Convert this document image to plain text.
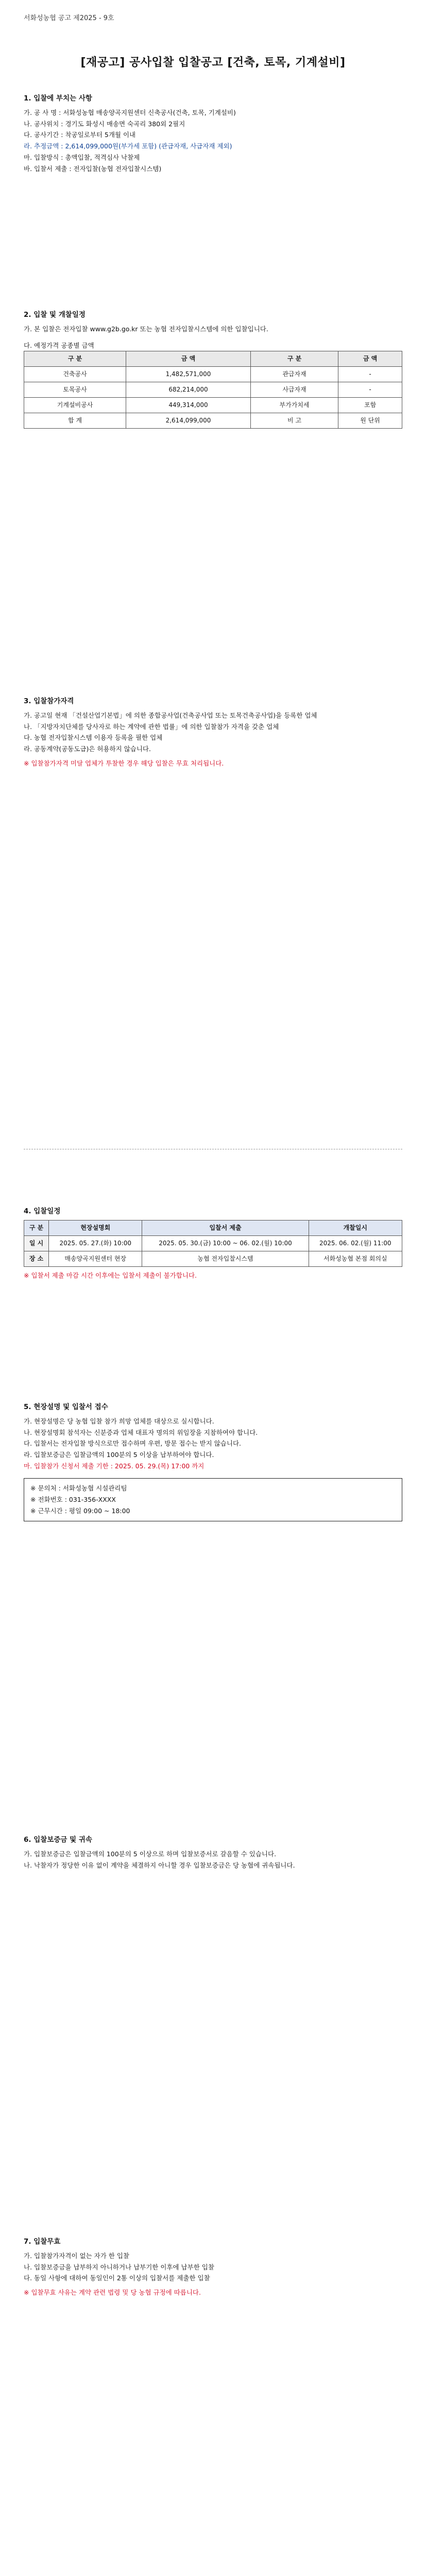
서화성농협 공고 제2025 - 9호
[재공고] 공사입찰 입찰공고 [건축, 토목, 기계설비]
1. 입찰에 부치는 사항

가. 공 사 명 : 서화성농협 매송양곡지원센터 신축공사(건축, 토목, 기계설비)

나. 공사위치 : 경기도 화성시 매송면 숙곡리 380외 2필지

다. 공사기간 : 착공일로부터 5개월 이내

라. 추정금액 : 2,614,099,000원(부가세 포함) (관급자재, 사급자재 제외)

마. 입찰방식 : 총액입찰, 적격심사 낙찰제

바. 입찰서 제출 : 전자입찰(농협 전자입찰시스템)

2. 입찰 및 개찰일정

가. 본 입찰은 전자입찰 www.g2b.go.kr 또는 농협 전자입찰시스템에 의한 입찰입니다.

다. 예정가격 공종별 금액

구 분	금 액	구 분	금 액
건축공사	1,482,571,000	관급자재	-
토목공사	682,214,000	사급자재	-
기계설비공사	449,314,000	부가가치세	포함
합 계	2,614,099,000	비 고	원 단위
3. 입찰참가자격

가. 공고일 현재 「건설산업기본법」에 의한 종합공사업(건축공사업 또는 토목건축공사업)을 등록한 업체

나. 「지방자치단체를 당사자로 하는 계약에 관한 법률」에 의한 입찰참가 자격을 갖춘 업체

다. 농협 전자입찰시스템 이용자 등록을 필한 업체

라. 공동계약(공동도급)은 허용하지 않습니다.

※ 입찰참가자격 미달 업체가 투찰한 경우 해당 입찰은 무효 처리됩니다.

4. 입찰일정
구 분	현장설명회	입찰서 제출	개찰일시
일 시	2025. 05. 27.(화) 10:00	2025. 05. 30.(금) 10:00 ~ 06. 02.(월) 10:00	2025. 06. 02.(월) 11:00
장 소	매송양곡지원센터 현장	농협 전자입찰시스템	서화성농협 본점 회의실

※ 입찰서 제출 마감 시간 이후에는 입찰서 제출이 불가합니다.

5. 현장설명 및 입찰서 접수

가. 현장설명은 당 농협 입찰 참가 희망 업체를 대상으로 실시합니다.

나. 현장설명회 참석자는 신분증과 업체 대표자 명의의 위임장을 지참하여야 합니다.

다. 입찰서는 전자입찰 방식으로만 접수하며 우편, 방문 접수는 받지 않습니다.

라. 입찰보증금은 입찰금액의 100분의 5 이상을 납부하여야 합니다.

마. 입찰참가 신청서 제출 기한 : 2025. 05. 29.(목) 17:00 까지

※ 문의처 : 서화성농협 시설관리팀

※ 전화번호 : 031-356-XXXX

※ 근무시간 : 평일 09:00 ~ 18:00

6. 입찰보증금 및 귀속

가. 입찰보증금은 입찰금액의 100분의 5 이상으로 하며 입찰보증서로 갈음할 수 있습니다.

나. 낙찰자가 정당한 이유 없이 계약을 체결하지 아니할 경우 입찰보증금은 당 농협에 귀속됩니다.

7. 입찰무효

가. 입찰참가자격이 없는 자가 한 입찰

나. 입찰보증금을 납부하지 아니하거나 납부기한 이후에 납부한 입찰

다. 동일 사항에 대하여 동일인이 2통 이상의 입찰서를 제출한 입찰

※ 입찰무효 사유는 계약 관련 법령 및 당 농협 규정에 따릅니다.
